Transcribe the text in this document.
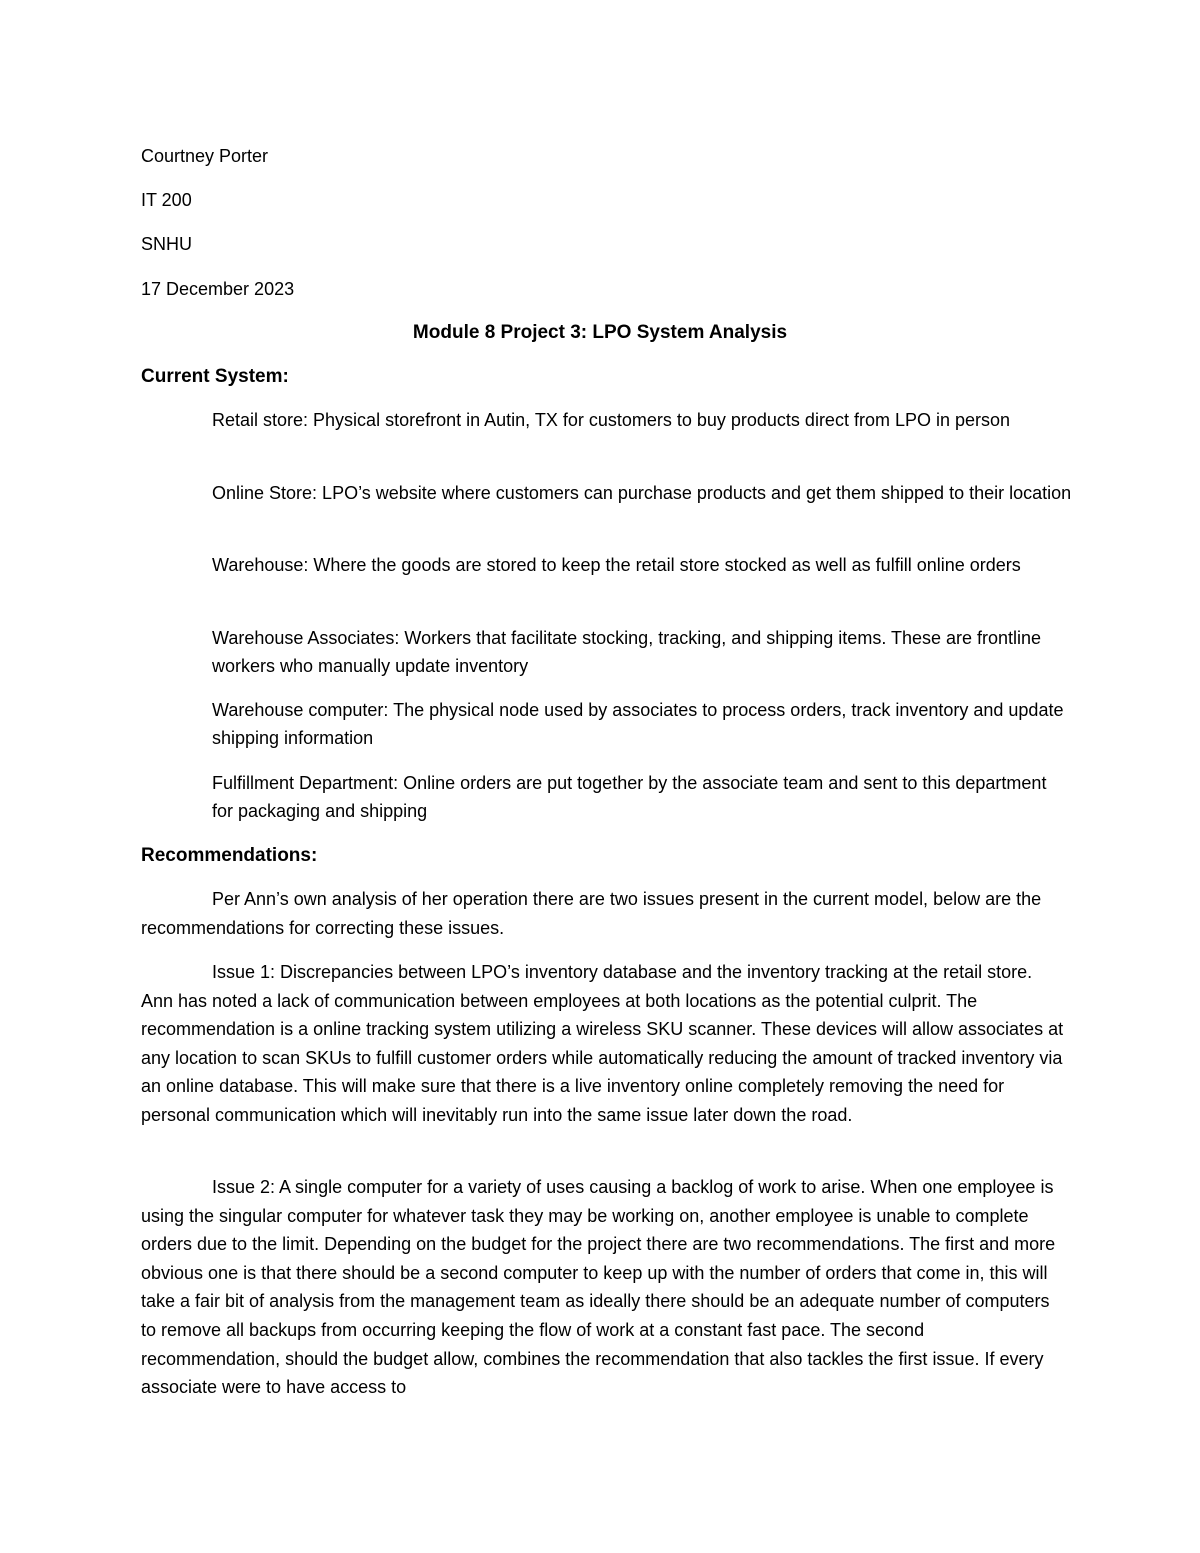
Courtney Porter
IT 200
SNHU
17 December 2023
Module 8 Project 3: LPO System Analysis
Current System:

Retail store: Physical storefront in Autin, TX for customers to buy products direct from LPO in person

Online Store: LPO’s website where customers can purchase products and get them shipped to their location

Warehouse: Where the goods are stored to keep the retail store stocked as well as fulfill online orders

Warehouse Associates: Workers that facilitate stocking, tracking, and shipping items. These are frontline workers who manually update inventory

Warehouse computer: The physical node used by associates to process orders, track inventory and update shipping information

Fulfillment Department: Online orders are put together by the associate team and sent to this department for packaging and shipping

Recommendations:

Per Ann’s own analysis of her operation there are two issues present in the current model, below are the recommendations for correcting these issues.

Issue 1: Discrepancies between LPO’s inventory database and the inventory tracking at the retail store. Ann has noted a lack of communication between employees at both locations as the potential culprit. The recommendation is a online tracking system utilizing a wireless SKU scanner. These devices will allow associates at any location to scan SKUs to fulfill customer orders while automatically reducing the amount of tracked inventory via an online database. This will make sure that there is a live inventory online completely removing the need for personal communication which will inevitably run into the same issue later down the road.

Issue 2: A single computer for a variety of uses causing a backlog of work to arise. When one employee is using the singular computer for whatever task they may be working on, another employee is unable to complete orders due to the limit. Depending on the budget for the project there are two recommendations. The first and more obvious one is that there should be a second computer to keep up with the number of orders that come in, this will take a fair bit of analysis from the management team as ideally there should be an adequate number of computers to remove all backups from occurring keeping the flow of work at a constant fast pace. The second recommendation, should the budget allow, combines the recommendation that also tackles the first issue. If every associate were to have access to
